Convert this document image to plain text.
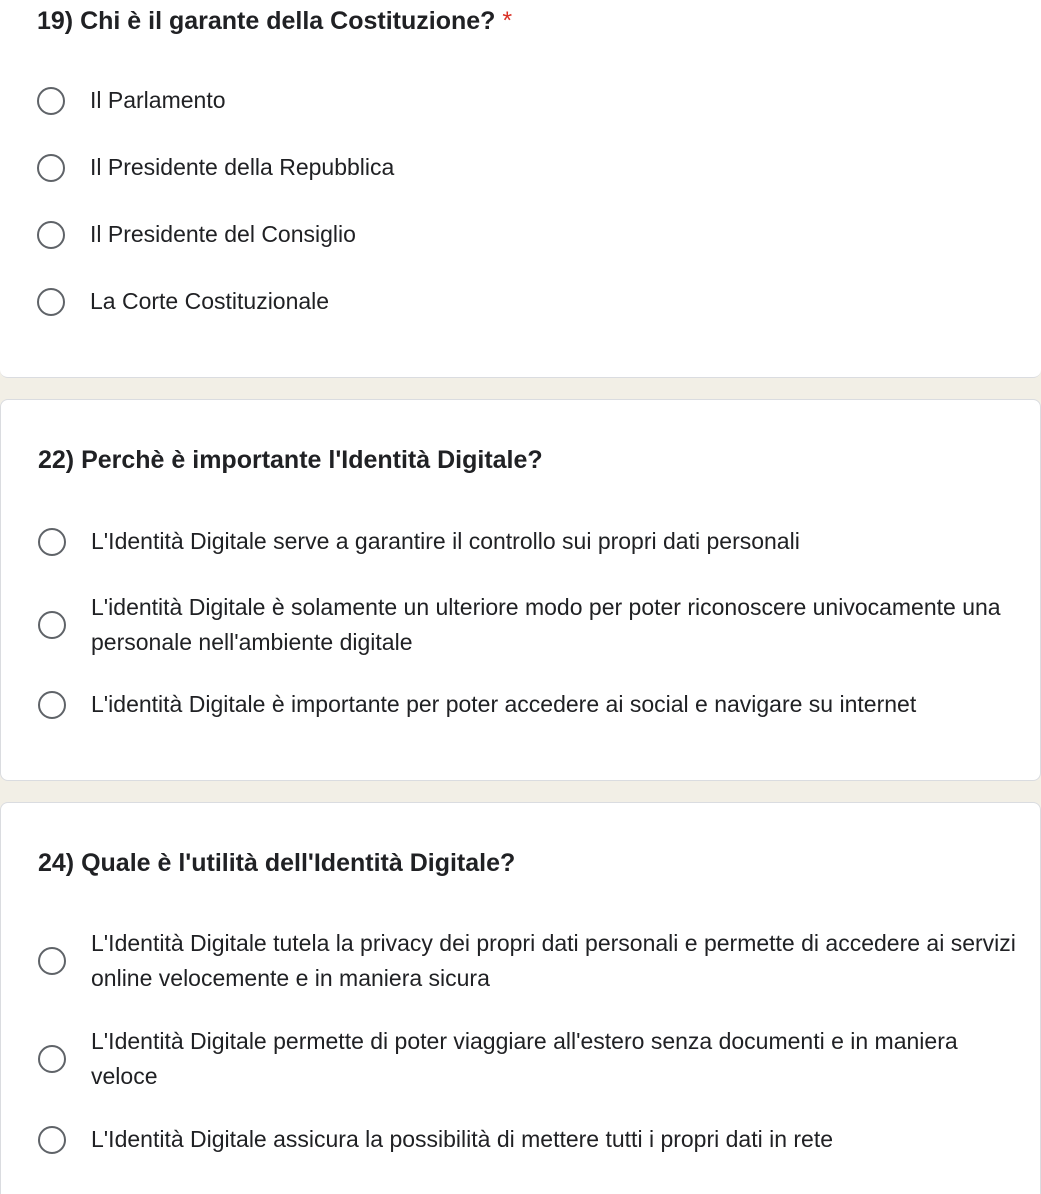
19) Chi è il garante della Costituzione? *
Il Parlamento
Il Presidente della Repubblica
Il Presidente del Consiglio
La Corte Costituzionale
22) Perchè è importante l'Identità Digitale?
L'Identità Digitale serve a garantire il controllo sui propri dati personali
L'identità Digitale è solamente un ulteriore modo per poter riconoscere univocamente una personale nell'ambiente digitale
L'identità Digitale è importante per poter accedere ai social e navigare su internet
24) Quale è l'utilità dell'Identità Digitale?
L'Identità Digitale tutela la privacy dei propri dati personali e permette di accedere ai servizi online velocemente e in maniera sicura
L'Identità Digitale permette di poter viaggiare all'estero senza documenti e in maniera veloce
L'Identità Digitale assicura la possibilità di mettere tutti i propri dati in rete
